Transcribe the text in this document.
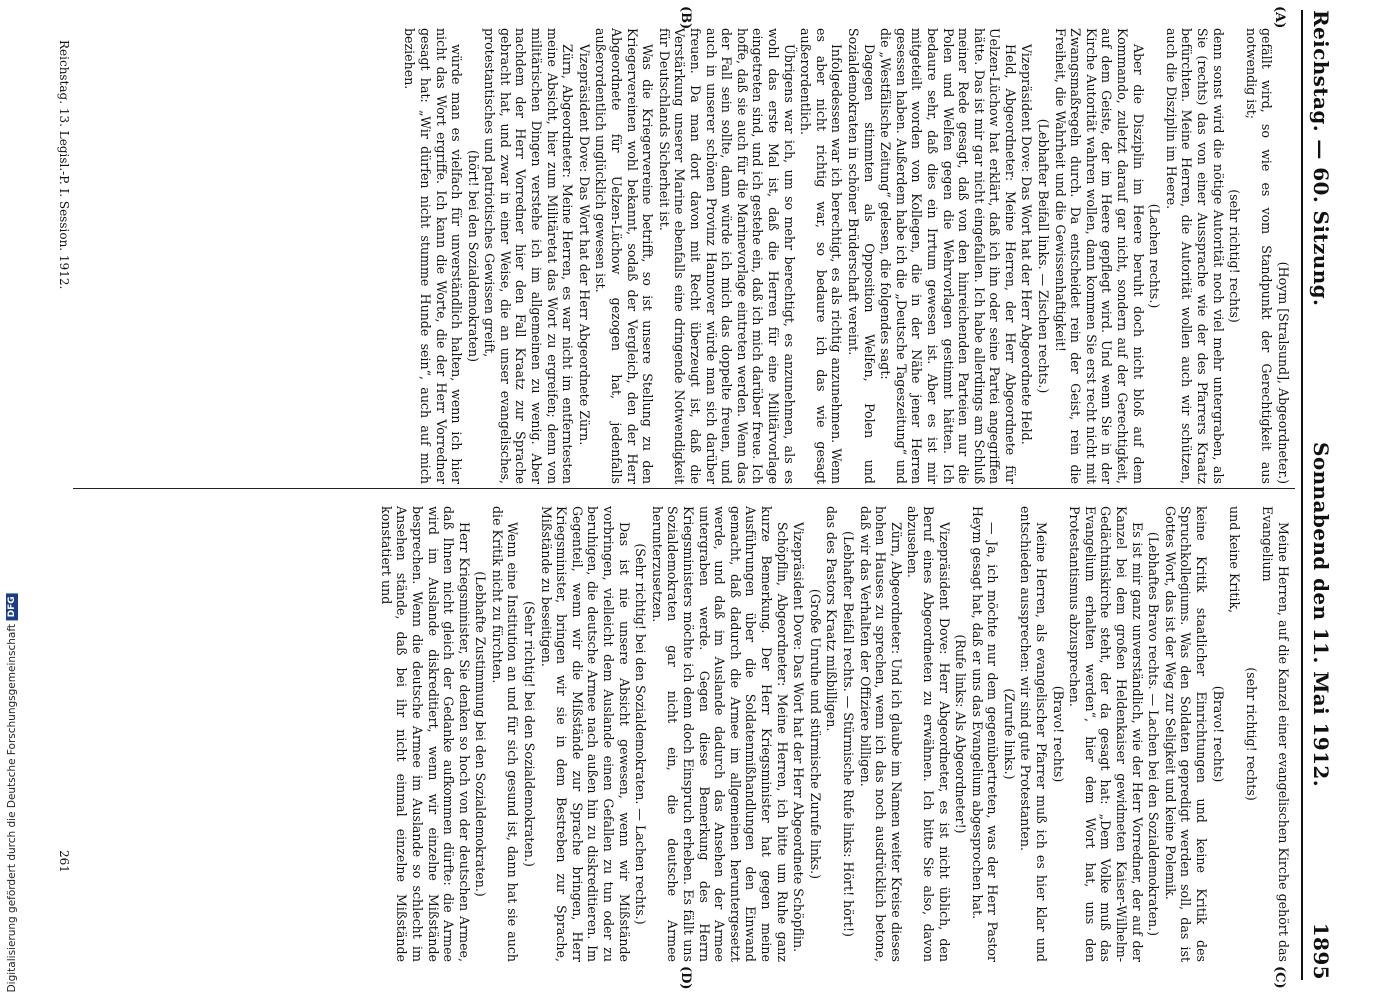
Reichstag. — 60. Sitzung.
Sonnabend den 11. Mai 1912.
1895
(A)
(B)
(C)
(D)

(Hoym [Stralsund], Abgeordneter.)

gefällt wird, so wie es vom Standpunkt der Gerechtigkeit aus notwendig ist;

(sehr richtig! rechts)

denn sonst wird die nötige Autorität noch viel mehr untergraben, als Sie (rechts) das von einer Aussprache wie der des Pfarrers Kraatz befürchten. Meine Herren, die Autorität wollen auch wir schützen, auch die Disziplin im Heere.

(Lachen rechts.)

Aber die Disziplin im Heere beruht doch nicht bloß auf dem Kommando, zuletzt darauf gar nicht, sondern auf der Gerechtigkeit, auf dem Geiste, der im Heere gepflegt wird. Und wenn Sie in der Kirche Autorität wahren wollen, dann kommen Sie erst recht nicht mit Zwangsmaßregeln durch. Da entscheidet rein der Geist, rein die Freiheit, die Wahrheit und die Gewissenhaftigkeit!

(Lebhafter Beifall links. — Zischen rechts.)

Vizepräsident Dove: Das Wort hat der Herr Abgeordnete Held.

Held, Abgeordneter: Meine Herren, der Herr Abgeordnete für Uelzen-Lüchow hat erklärt, daß ich ihn oder seine Partei angegriffen hätte. Das ist mir gar nicht eingefallen. Ich habe allerdings am Schluß meiner Rede gesagt, daß von den hinreichenden Parteien nur die Polen und Welfen gegen die Wehrvorlagen gestimmt hätten. Ich bedaure sehr, daß dies ein Irrtum gewesen ist. Aber es ist mir mitgeteilt worden von Kollegen, die in der Nähe jener Herren gesessen haben. Außerdem habe ich die „Deutsche Tageszeitung“ und die „Westfälische Zeitung“ gelesen, die folgendes sagt:

Dagegen stimmten als Opposition Welfen, Polen und Sozialdemokraten in schöner Brüderschaft vereint.

Infolgedessen war ich berechtigt, es als richtig anzunehmen. Wenn es aber nicht richtig war, so bedaure ich das wie gesagt außerordentlich.

Übrigens war ich, um so mehr berechtigt, es anzunehmen, als es wohl das erste Mal ist, daß die Herren für eine Militärvorlage eingetreten sind, und ich gestehe ein, daß ich mich darüber freue. Ich hoffe, daß sie auch für die Marinevorlage eintreten werden. Wenn das der Fall sein sollte, dann würde ich mich das doppelte freuen, und auch in unserer schönen Provinz Hannover würde man sich darüber freuen. Da man dort davon mit Recht überzeugt ist, daß die Verstärkung unserer Marine ebenfalls eine dringende Notwendigkeit für Deutschlands Sicherheit ist.

Was die Kriegervereine betrifft, so ist unsere Stellung zu den Kriegervereinen wohl bekannt, sodaß der Vergleich, den der Herr Abgeordnete für Uelzen-Lüchow gezogen hat, jedenfalls außerordentlich unglücklich gewesen ist.

Vizepräsident Dove: Das Wort hat der Herr Abgeordnete Zürn.

Zürn, Abgeordneter: Meine Herren, es war nicht im entferntesten meine Absicht, hier zum Militäretat das Wort zu ergreifen; denn von militärischen Dingen verstehe ich im allgemeinen zu wenig. Aber nachdem der Herr Vorredner hier den Fall Kraatz zur Sprache gebracht hat, und zwar in einer Weise, die an unser evangelisches, protestantisches und patriotisches Gewissen greift,

(hört! bei den Sozialdemokraten)

würde man es vielfach für unverständlich halten, wenn ich hier nicht das Wort ergriffe. Ich kann die Worte, die der Herr Vorredner gesagt hat: „Wir dürfen nicht stumme Hunde sein“, auch auf mich beziehen.

Meine Herren, auf die Kanzel einer evangelischen Kirche gehört das Evangelium

(sehr richtig! rechts)

und keine Kritik,

(Bravo! rechts)

keine Kritik staatlicher Einrichtungen und keine Kritik des Spruchkollegiums. Was den Soldaten gepredigt werden soll, das ist Gottes Wort, das ist der Weg zur Seligkeit und keine Polemik.

(Lebhaftes Bravo rechts. — Lachen bei den Sozialdemokraten.)

Es ist mir ganz unverständlich, wie der Herr Vorredner, der auf der Kanzel bei dem großen Heldenkaiser gewidmeten Kaiser-Wilhelm-Gedächtniskirche steht, der da gesagt hat: „Dem Volke muß das Evangelium erhalten werden“, hier dem Wort hat, uns den Protestantismus abzusprechen.

(Bravo! rechts)

Meine Herren, als evangelischer Pfarrer muß ich es hier klar und entschieden aussprechen: wir sind gute Protestanten.

(Zurufe links.)

— Ja, ich möchte nur dem gegenübertreten, was der Herr Pastor Heym gesagt hat, daß er uns das Evangelium abgesprochen hat.

(Rufe links: Als Abgeordneter!)

Vizepräsident Dove: Herr Abgeordneter, es ist nicht üblich, den Beruf eines Abgeordneten zu erwähnen. Ich bitte Sie also, davon abzusehen.

Zürn, Abgeordneter: Und ich glaube im Namen weiter Kreise dieses hohen Hauses zu sprechen, wenn ich das noch ausdrücklich betone, daß wir das Verhalten der Offiziere billigen.

(Lebhafter Beifall rechts. — Stürmische Rufe links: Hört! hört!)

das des Pastors Kraatz mißbilligen.

(Große Unruhe und stürmische Zurufe links.)

Vizepräsident Dove: Das Wort hat der Herr Abgeordnete Schöpflin.

Schöpflin, Abgeordneter: Meine Herren, ich bitte um Ruhe ganz kurze Bemerkung. Der Herr Kriegsminister hat gegen meine Ausführungen über die Soldatenmißhandlungen den Einwand gemacht, daß dadurch die Armee im allgemeinen heruntergesetzt werde, und daß im Auslande dadurch das Ansehen der Armee untergraben werde. Gegen diese Bemerkung des Herrn Kriegsministers möchte ich denn doch Einspruch erheben. Es fällt uns Sozialdemokraten gar nicht ein, die deutsche Armee herunterzusetzen.

(Sehr richtig! bei den Sozialdemokraten. — Lachen rechts.)

Das ist nie unsere Absicht gewesen, wenn wir Mißstände vorbringen, vielleicht dem Auslande einen Gefallen zu tun oder zu beruhigen, die deutsche Armee nach außen hin zu diskreditieren. Im Gegenteil, wenn wir die Mißstände zur Sprache bringen, Herr Kriegsminister, bringen wir sie in dem Bestreben zur Sprache, Mißstände zu beseitigen.

(Sehr richtig! bei den Sozialdemokraten.)

Wenn eine Institution an und für sich gesund ist, dann hat sie auch die Kritik nicht zu fürchten.

(Lebhafte Zustimmung bei den Sozialdemokraten.)

Herr Kriegsminister, Sie denken so hoch von der deutschen Armee, daß Ihnen nicht gleich der Gedanke aufkommen dürfte: die Armee wird im Auslande diskreditiert, wenn wir einzelne Mißstände besprechen. Wenn die deutsche Armee im Auslande so schlecht im Ansehen stände, daß bei ihr nicht einmal einzelne Mißstände konstatiert und

Reichstag. 13. Legisl.-P. I. Session. 1912.
261
Digitalisierung gefördert durch die Deutsche Forschungsgemeinschaft
DFG
